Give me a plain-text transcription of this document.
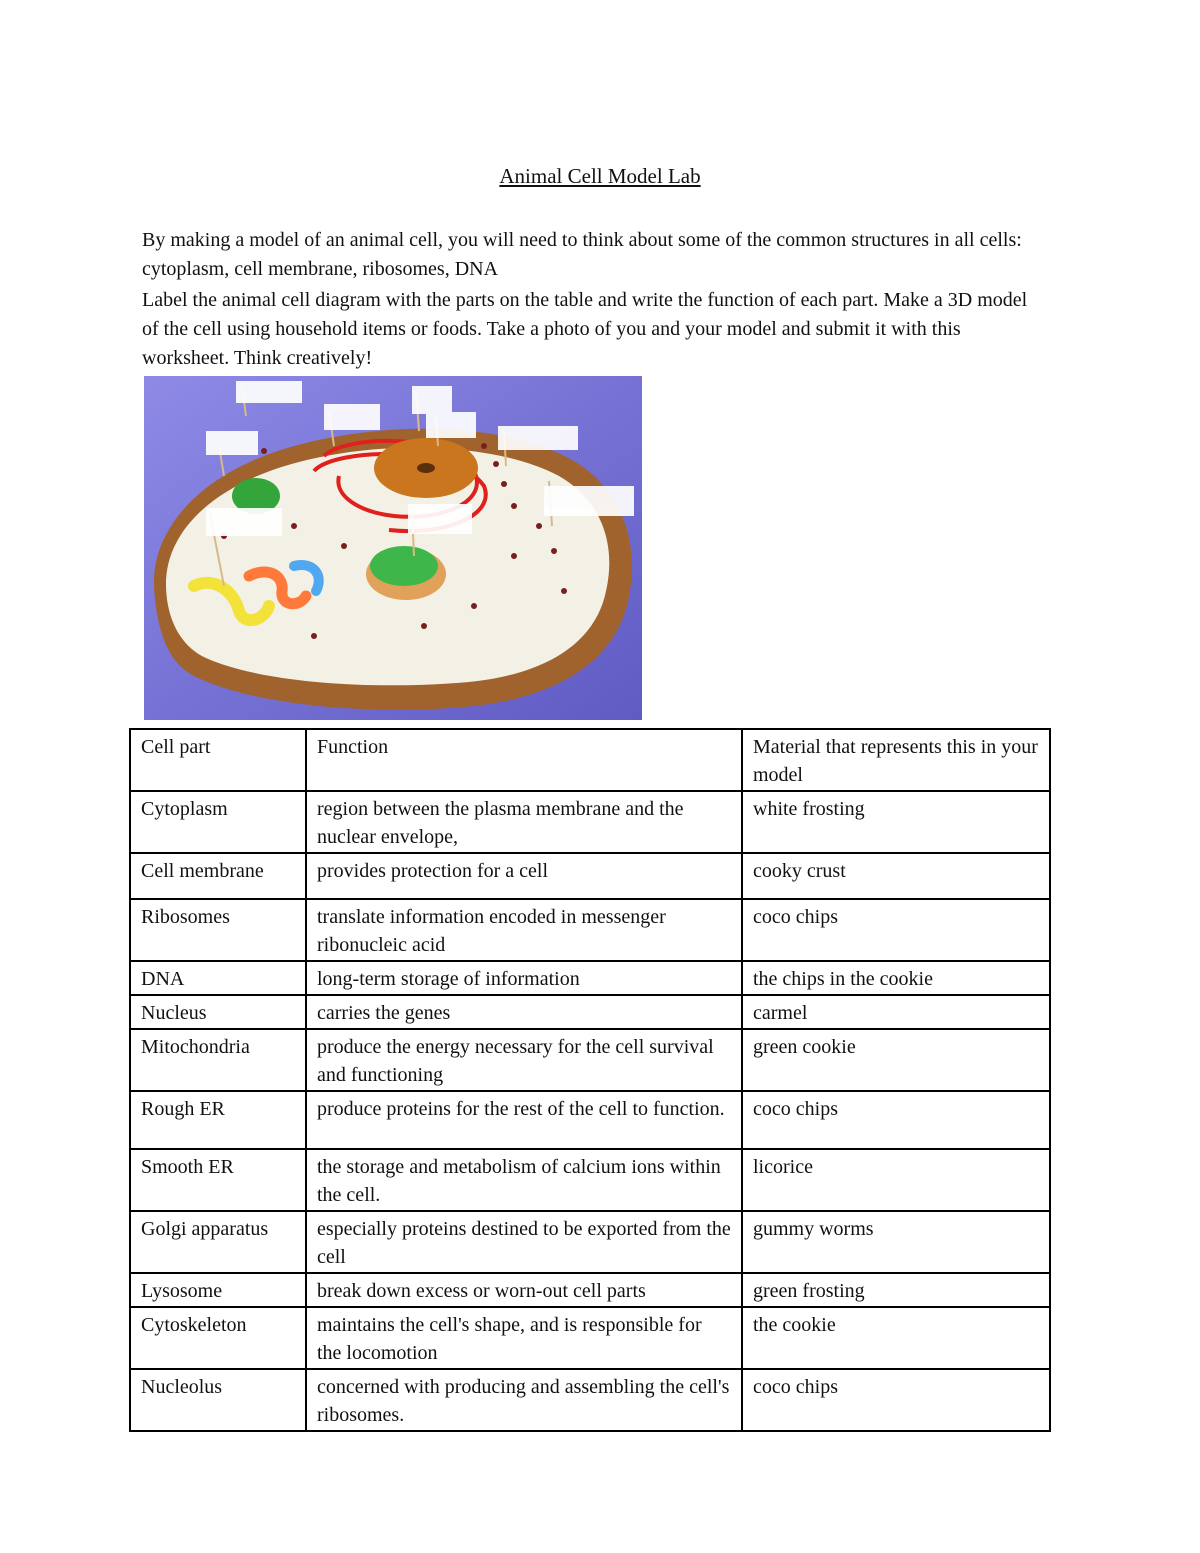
Animal Cell Model Lab

By making a model of an animal cell, you will need to think about some of the common structures in all cells: cytoplasm, cell membrane, ribosomes, DNA

Label the animal cell diagram with the parts on the table and write the function of each part. Make a 3D model of the cell using household items or foods. Take a photo of you and your model and submit it with this worksheet. Think creatively!

Cell part	Function	Material that represents this in your model
Cytoplasm	region between the plasma membrane and the nuclear envelope,	white frosting
Cell membrane	provides protection for a cell	cooky crust
Ribosomes	translate information encoded in messenger ribonucleic acid	coco chips
DNA	long-term storage of information	the chips in the cookie
Nucleus	carries the genes	carmel
Mitochondria	produce the energy necessary for the cell survival and functioning	green cookie
Rough ER	produce proteins for the rest of the cell to function.	coco chips
Smooth ER	the storage and metabolism of calcium ions within the cell.	licorice
Golgi apparatus	especially proteins destined to be exported from the cell	gummy worms
Lysosome	break down excess or worn-out cell parts	green frosting
Cytoskeleton	maintains the cell's shape, and is responsible for the locomotion	the cookie
Nucleolus	concerned with producing and assembling the cell's ribosomes.	coco chips
